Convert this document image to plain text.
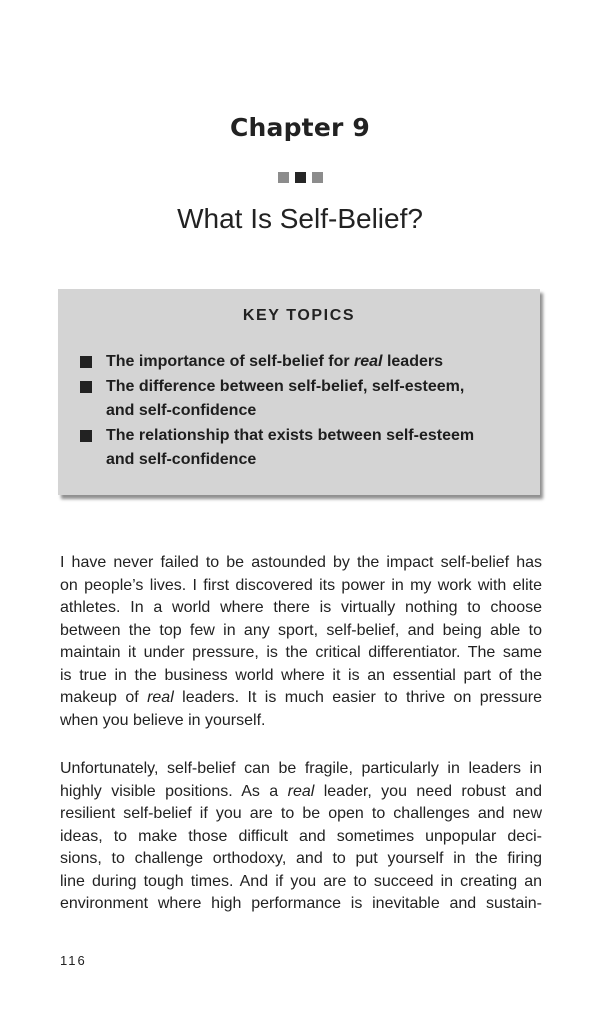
Chapter 9
What Is Self-Belief?
KEY TOPICS
The importance of self-belief for real leaders
The difference between self-belief, self-esteem,
and self-confidence
The relationship that exists between self-esteem
and self-confidence
I have never failed to be astounded by the impact self-belief has
on people’s lives. I first discovered its power in my work with elite
athletes. In a world where there is virtually nothing to choose
between the top few in any sport, self-belief, and being able to
maintain it under pressure, is the critical differentiator. The same
is true in the business world where it is an essential part of the
makeup of real leaders. It is much easier to thrive on pressure
when you believe in yourself.
Unfortunately, self-belief can be fragile, particularly in leaders in
highly visible positions. As a real leader, you need robust and
resilient self-belief if you are to be open to challenges and new
ideas, to make those difficult and sometimes unpopular deci-
sions, to challenge orthodoxy, and to put yourself in the firing
line during tough times. And if you are to succeed in creating an
environment where high performance is inevitable and sustain-
116
